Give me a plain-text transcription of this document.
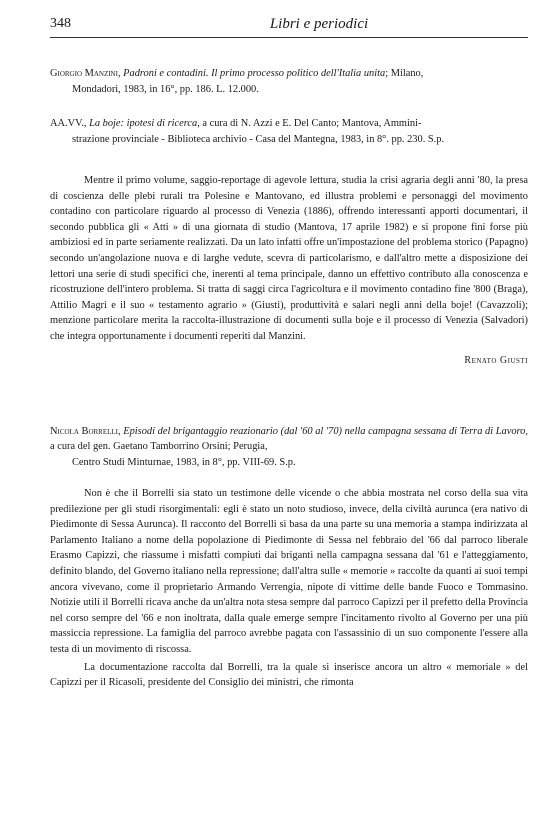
348	Libri e periodici

Giorgio Manzini, Padroni e contadini. Il primo processo politico dell'Italia unita; Milano,
Mondadori, 1983, in 16°, pp. 186. L. 12.000.

AA.VV., La boje: ipotesi di ricerca, a cura di N. Azzi e E. Del Canto; Mantova, Ammini-
strazione provinciale - Biblioteca archivio - Casa del Mantegna, 1983, in 8°. pp. 230. S.p.

Mentre il primo volume, saggio-reportage di agevole lettura, studia la crisi agraria degli anni '80, la presa di coscienza delle plebi rurali tra Polesine e Mantovano, ed illustra problemi e personaggi del movimento contadino con particolare riguardo al processo di Venezia (1886), offrendo interessanti apporti documentari, il secondo pubblica gli « Atti » di una giornata di studio (Mantova, 17 aprile 1982) e si propone fini forse più ambiziosi ed in parte seriamente realizzati. Da un lato infatti offre un'impostazione del problema storico (Papagno) secondo un'angolazione nuova e di larghe vedute, scevra di particolarismo, e dall'altro mette a disposizione dei lettori una serie di studi specifici che, inerenti al tema principale, danno un effettivo contributo alla conoscenza e ricostruzione dell'intero problema. Si tratta di saggi circa l'agricoltura e il movimento contadino fine '800 (Braga), Attilio Magri e il suo « testamento agrario » (Giusti), produttività e salari negli anni della boje! (Cavazzoli); menzione particolare merita la raccolta-illustrazione di documenti sulla boje e il processo di Venezia (Salvadori) che integra opportunamente i documenti reperiti dal Manzini.

Renato Giusti

Nicola Borrelli, Episodi del brigantaggio reazionario (dal '60 al '70) nella campagna sessana di Terra di Lavoro, a cura del gen. Gaetano Tamborrino Orsini; Perugia,
Centro Studi Minturnae, 1983, in 8°, pp. VIII-69. S.p.

Non è che il Borrelli sia stato un testimone delle vicende o che abbia mostrata nel corso della sua vita predilezione per gli studi risorgimentali: egli è stato un noto studioso, invece, della civiltà aurunca (era nativo di Piedimonte di Sessa Aurunca). Il racconto del Borrelli si basa da una parte su una memoria a stampa indirizzata al Parlamento Italiano a nome della popolazione di Piedimonte di Sessa nel febbraio del '66 dal parroco liberale Erasmo Capizzi, che riassume i misfatti compiuti dai briganti nella campagna sessana dal '61 e l'atteggiamento, definito blando, del Governo italiano nella repressione; dall'altra sulle « memorie » raccolte da quanti ai suoi tempi ancora vivevano, come il proprietario Armando Verrengia, nipote di vittime delle bande Fuoco e Tommasino. Notizie utili il Borrelli ricava anche da un'altra nota stesa sempre dal parroco Capizzi per il prefetto della Provincia nel corso sempre del '66 e non inoltrata, dalla quale emerge sempre l'incitamento rivolto al Governo per una più massiccia repressione. La famiglia del parroco avrebbe pagata con l'assassinio di un suo componente l'essere alla testa di un movimento di riscossa.

La documentazione raccolta dal Borrelli, tra la quale si inserisce ancora un altro « memoriale » del Capizzi per il Ricasoli, presidente del Consiglio dei ministri, che rimonta
